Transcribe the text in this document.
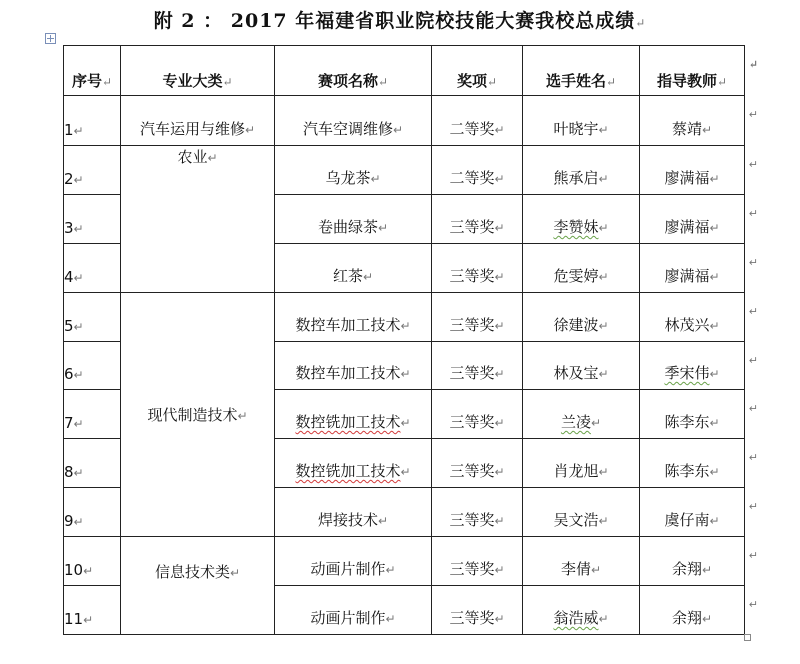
附 2 ： 2017 年福建省职业院校技能大赛我校总成绩↵
序号↵	专业大类↵	赛项名称↵	奖项↵	选手姓名↵	指导教师↵
↵

1↵	汽车运用与维修↵	汽车空调维修↵	二等奖↵	叶晓宇↵	蔡靖↵
↵

2↵	农业↵	乌龙茶↵	二等奖↵	熊承启↵	廖满福↵
↵

3↵		卷曲绿茶↵	三等奖↵	李赞妹↵	廖满福↵
↵

4↵		红茶↵	三等奖↵	危雯婷↵	廖满福↵
↵

5↵	现代制造技术↵	数控车加工技术↵	三等奖↵	徐建波↵	林茂兴↵
↵

6↵		数控车加工技术↵	三等奖↵	林及宝↵	季宋伟↵
↵

7↵		数控铣加工技术↵	三等奖↵	兰凌↵	陈李东↵
↵

8↵		数控铣加工技术↵	三等奖↵	肖龙旭↵	陈李东↵
↵

9↵		焊接技术↵	三等奖↵	吴文浩↵	虞仔南↵
↵

10↵	信息技术类↵	动画片制作↵	三等奖↵	李倩↵	余翔↵
↵

11↵		动画片制作↵	三等奖↵	翁浩威↵	余翔↵
↵
